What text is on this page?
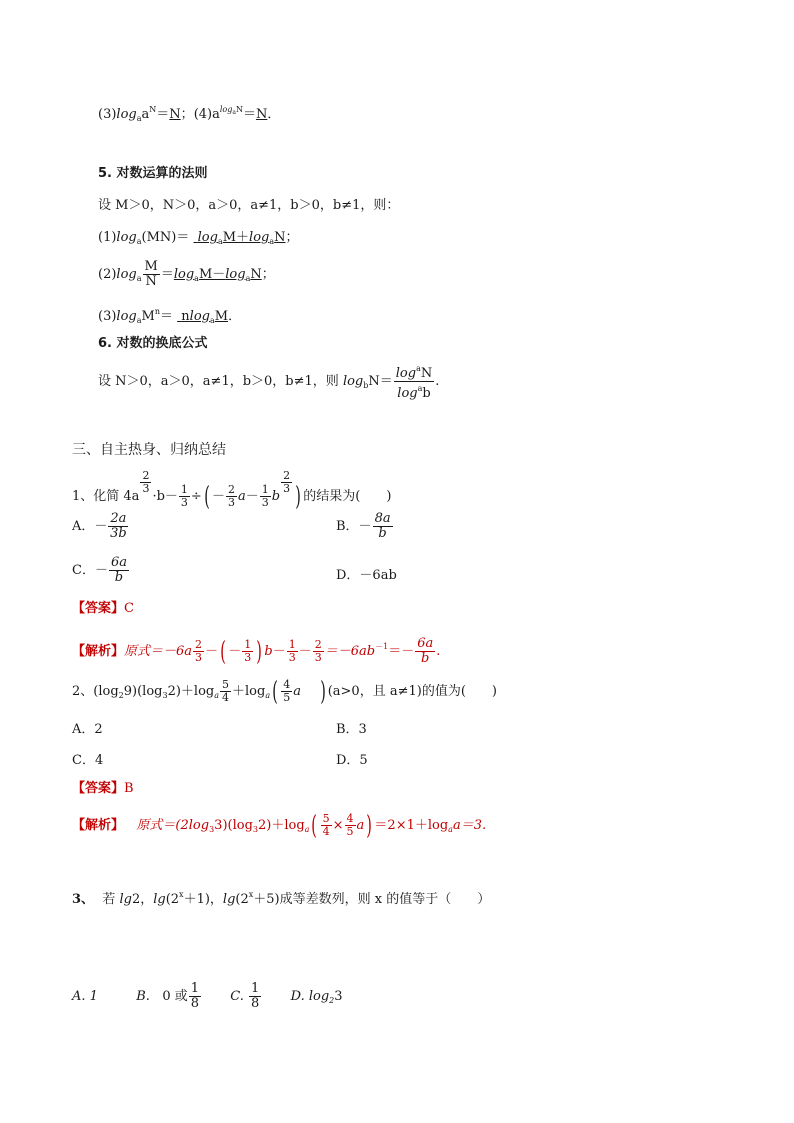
$(3)\log_aa^N=N$；$(4)a^{logaN}=N$．
5. 对数运算的法则
设 M＞0，N＞0，a＞0，a≠1，b＞0，b≠1，则：
$(1)\log_a(MN)= \log_aM+\log_aN$；
$(2)\log_a \frac{M}{N} =\log_aM-\log_aN$；
$(3)\log_aM^n= nlog_aM$．
6. 对数的换底公式
设 N＞0，a＞0，a≠1，b＞0，b≠1，则 $\log_bN= \frac{\log^aN}{\log^ab}$ .
三、自主热身、归纳总结
1、化简 4a
$\frac{2}{3}$
$\cdot b- \frac{1}{3}$ ÷( － $\frac{2}{3} a- \frac{1}{3}$ b
$\frac{2}{3}$ ) 的结果为(　　)
A．－ $\frac{2a}{3b}$	B．－ $\frac{8a}{b}$
C．－ $\frac{6a}{b}$	D．－6ab
【答案】C
【解析】原式$=-6a \frac{2}{3}$ －( － $\frac{1}{3}$ ) $b- \frac{1}{3} - \frac{2}{3} =-6ab^{-1}=- \frac{6a}{b}$ .
2、$(\log_29)(\log_32)+\log_a \frac{5}{4} +\log_a( \frac{4}{5}$ a ) (a>0，且 a≠1)的值为(　　)
A．2	B．3
C．4	D．5
【答案】B
【解析】 原式$=(2\log_33)(\log_32)+\log_a( \frac{5}{4} \times \frac{4}{5} a) =2\times 1+\log_aa=3$.
3、 若 lg2，$\lg(2^x+1)$，$\lg(2^x+5)$成等差数列，则 x 的值等于（　　）
A. 1	B. 0 或 $\frac{1}{8} C$. $\frac{1}{8} D$. $\log_23$
